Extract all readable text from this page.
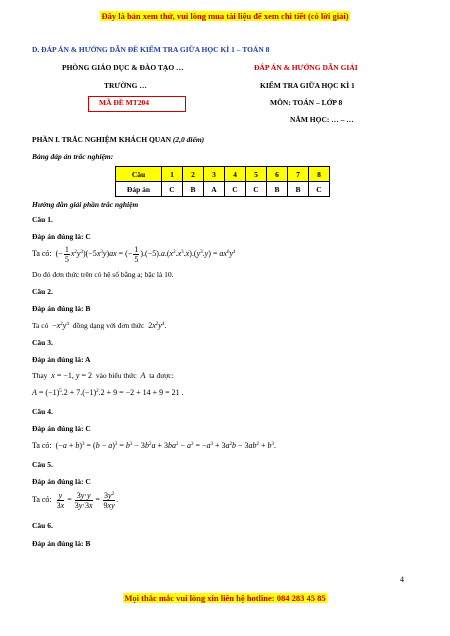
Đây là bản xem thử, vui lòng mua tài liệu để xem chi tiết (có lời giải)
D. ĐÁP ÁN & HƯỚNG DẪN ĐỀ KIỂM TRA GIỮA HỌC KÌ 1 – TOÁN 8
PHÒNG GIÁO DỤC & ĐÀO TẠO …
TRƯỜNG …
MÃ ĐỀ MT204
ĐÁP ÁN & HƯỚNG DẪN GIẢI
KIỂM TRA GIỮA HỌC KÌ 1
MÔN: TOÁN – LỚP 8
NĂM HỌC: … – …
PHẦN I. TRẮC NGHIỆM KHÁCH QUAN (2,0 điểm)
Bảng đáp án trắc nghiệm:
Câu	1	2	3	4	5	6	7	8
Đáp án	C	B	A	C	C	B	B	C
Hướng dẫn giải phần trắc nghiệm
Câu 1.
Đáp án đúng là: C
Ta có:  (− $\frac{1}{5} x^2y^3)(-5x^3y)ax$ = (− $\frac{1}{5} ).(-5).a.(x^2.x^3.x).(y^3.y) = ax^6y^4$
Do đó đơn thức trên có hệ số bằng a; bậc là 10.
Câu 2.
Đáp án đúng là: B
Ta có  $-x^2y^4$ đồng dạng với đơn thức  $2x^2y^4$.
Câu 3.
Đáp án đúng là: A
Thay x = −1, y = 2  vào biểu thức A ta được:
$A = (-1)^5.2 + 7.(-1)^2.2 + 9 = -2 + 14 + 9 = 21$ .
Câu 4.
Đáp án đúng là: C
Ta có:  $(-a + b)^3 = (b - a)^3 = b^3 - 3b^2a + 3ba^2 - a^3 = -a^3 + 3a^2b - 3ab^2 + b^3$.
Câu 5.
Đáp án đúng là: C
Ta có: $\frac{y}{3x} = \frac{3y\cdot y}{3y\cdot 3x} = \frac{3y^2}{9xy}$ .
Câu 6.
Đáp án đúng là: B
4
Mọi thắc mắc vui lòng xin liên hệ hotline: 084 283 45 85
